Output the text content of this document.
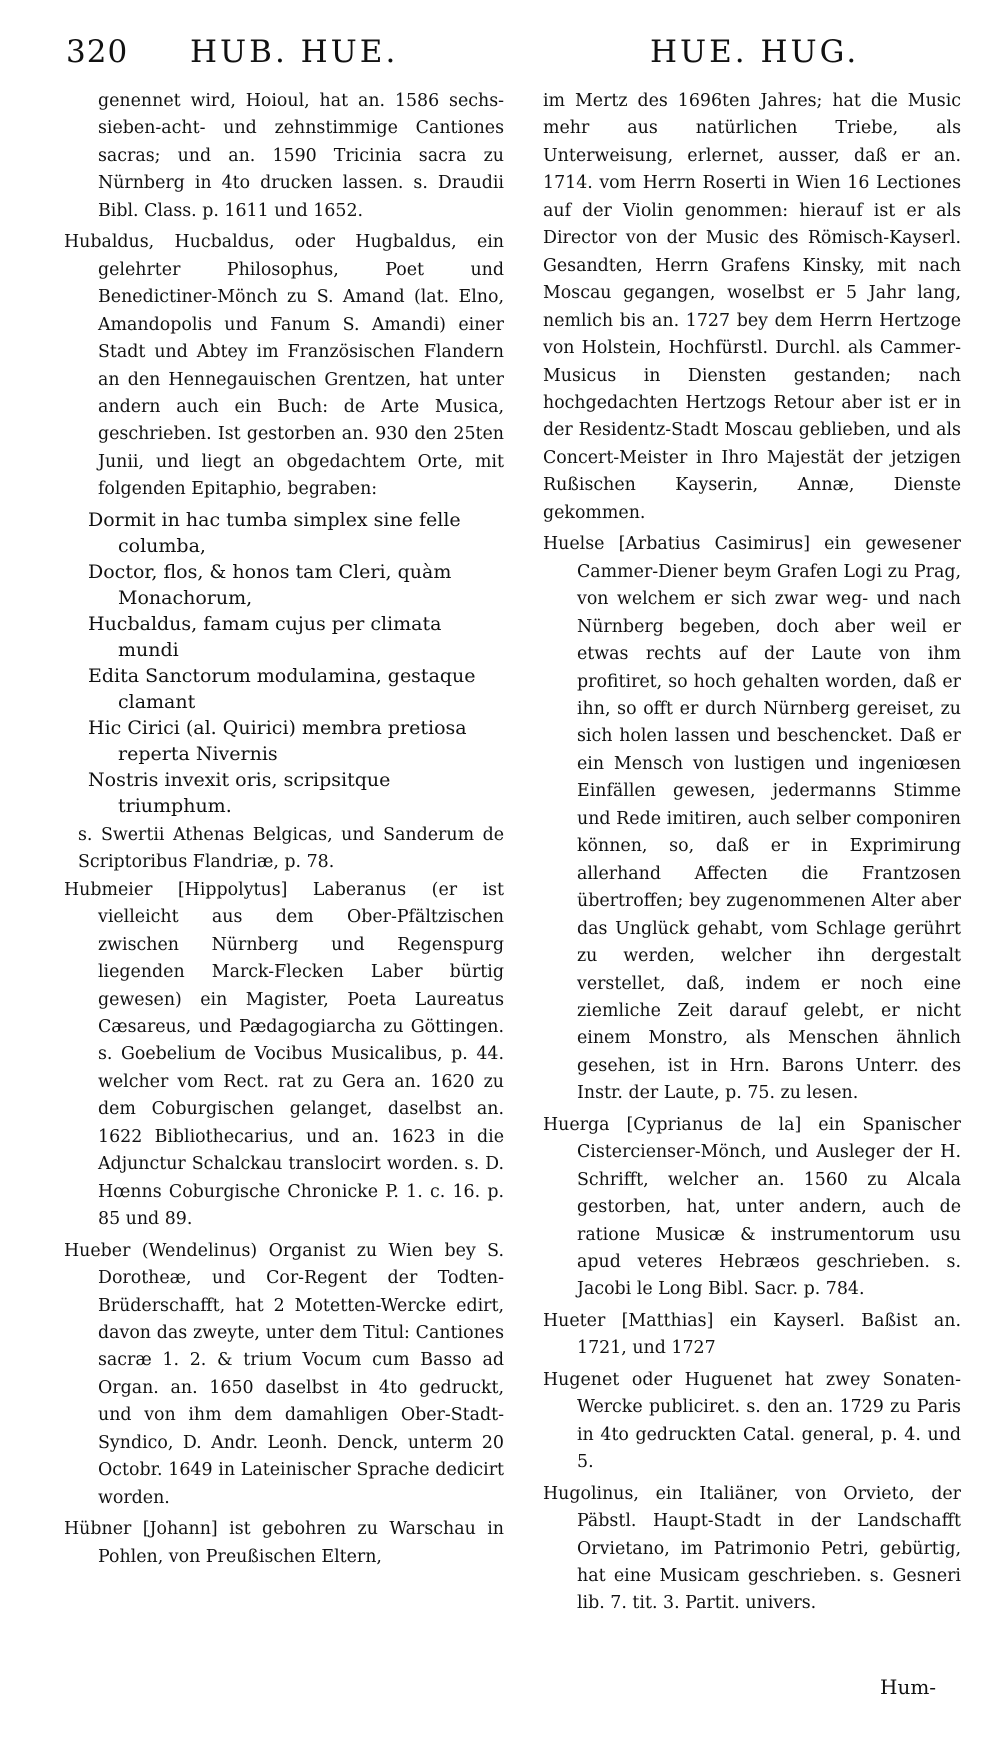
320 HUB. HUE.	HUE. HUG.

genennet wird, Hoioul, hat an. 1586 sechs-sieben-acht- und zehnstimmige Cantiones sacras; und an. 1590 Tricinia sacra zu Nürnberg in 4to drucken lassen. s. Draudii Bibl. Class. p. 1611 und 1652.

Hubaldus, Hucbaldus, oder Hugbaldus, ein gelehrter Philosophus, Poet und Benedictiner-Mönch zu S. Amand (lat. Elno, Amandopolis und Fanum S. Amandi) einer Stadt und Abtey im Französischen Flandern an den Hennegauischen Grentzen, hat unter andern auch ein Buch: de Arte Musica, geschrieben. Ist gestorben an. 930 den 25ten Junii, und liegt an obgedachtem Orte, mit folgenden Epitaphio, begraben:

Dormit in hac tumba simplex sine felle columba,

Doctor, flos, & honos tam Cleri, quàm Monachorum,

Hucbaldus, famam cujus per climata mundi

Edita Sanctorum modulamina, gestaque clamant

Hic Cirici (al. Quirici) membra pretiosa reperta Nivernis

Nostris invexit oris, scripsitque triumphum.

s. Swertii Athenas Belgicas, und Sanderum de Scriptoribus Flandriæ, p. 78.

Hubmeier [Hippolytus] Laberanus (er ist vielleicht aus dem Ober-Pfältzischen zwischen Nürnberg und Regenspurg liegenden Marck-Flecken Laber bürtig gewesen) ein Magister, Poeta Laureatus Cæsareus, und Pædagogiarcha zu Göttingen. s. Goebelium de Vocibus Musicalibus, p. 44. welcher vom Rect. rat zu Gera an. 1620 zu dem Coburgischen gelanget, daselbst an. 1622 Bibliothecarius, und an. 1623 in die Adjunctur Schalckau translocirt worden. s. D. Hœnns Coburgische Chronicke P. 1. c. 16. p. 85 und 89.

Hueber (Wendelinus) Organist zu Wien bey S. Dorotheæ, und Cor-Regent der Todten-Brüderschafft, hat 2 Motetten-Wercke edirt, davon das zweyte, unter dem Titul: Cantiones sacræ 1. 2. & trium Vocum cum Basso ad Organ. an. 1650 daselbst in 4to gedruckt, und von ihm dem damahligen Ober-Stadt-Syndico, D. Andr. Leonh. Denck, unterm 20 Octobr. 1649 in Lateinischer Sprache dedicirt worden.

Hübner [Johann] ist gebohren zu Warschau in Pohlen, von Preußischen Eltern,

im Mertz des 1696ten Jahres; hat die Music mehr aus natürlichen Triebe, als Unterweisung, erlernet, ausser, daß er an. 1714. vom Herrn Roserti in Wien 16 Lectiones auf der Violin genommen: hierauf ist er als Director von der Music des Römisch-Kayserl. Gesandten, Herrn Grafens Kinsky, mit nach Moscau gegangen, woselbst er 5 Jahr lang, nemlich bis an. 1727 bey dem Herrn Hertzoge von Holstein, Hochfürstl. Durchl. als Cammer-Musicus in Diensten gestanden; nach hochgedachten Hertzogs Retour aber ist er in der Residentz-Stadt Moscau geblieben, und als Concert-Meister in Ihro Majestät der jetzigen Rußischen Kayserin, Annæ, Dienste gekommen.

Huelse [Arbatius Casimirus] ein gewesener Cammer-Diener beym Grafen Logi zu Prag, von welchem er sich zwar weg- und nach Nürnberg begeben, doch aber weil er etwas rechts auf der Laute von ihm profitiret, so hoch gehalten worden, daß er ihn, so offt er durch Nürnberg gereiset, zu sich holen lassen und beschencket. Daß er ein Mensch von lustigen und ingeniœsen Einfällen gewesen, jedermanns Stimme und Rede imitiren, auch selber componiren können, so, daß er in Exprimirung allerhand Affecten die Frantzosen übertroffen; bey zugenommenen Alter aber das Unglück gehabt, vom Schlage gerührt zu werden, welcher ihn dergestalt verstellet, daß, indem er noch eine ziemliche Zeit darauf gelebt, er nicht einem Monstro, als Menschen ähnlich gesehen, ist in Hrn. Barons Unterr. des Instr. der Laute, p. 75. zu lesen.

Huerga [Cyprianus de la] ein Spanischer Cistercienser-Mönch, und Ausleger der H. Schrifft, welcher an. 1560 zu Alcala gestorben, hat, unter andern, auch de ratione Musicæ & instrumentorum usu apud veteres Hebræos geschrieben. s. Jacobi le Long Bibl. Sacr. p. 784.

Hueter [Matthias] ein Kayserl. Baßist an. 1721, und 1727

Hugenet oder Huguenet hat zwey Sonaten-Wercke publiciret. s. den an. 1729 zu Paris in 4to gedruckten Catal. general, p. 4. und 5.

Hugolinus, ein Italiäner, von Orvieto, der Päbstl. Haupt-Stadt in der Landschafft Orvietano, im Patrimonio Petri, gebürtig, hat eine Musicam geschrieben. s. Gesneri lib. 7. tit. 3. Partit. univers.

Hum-
